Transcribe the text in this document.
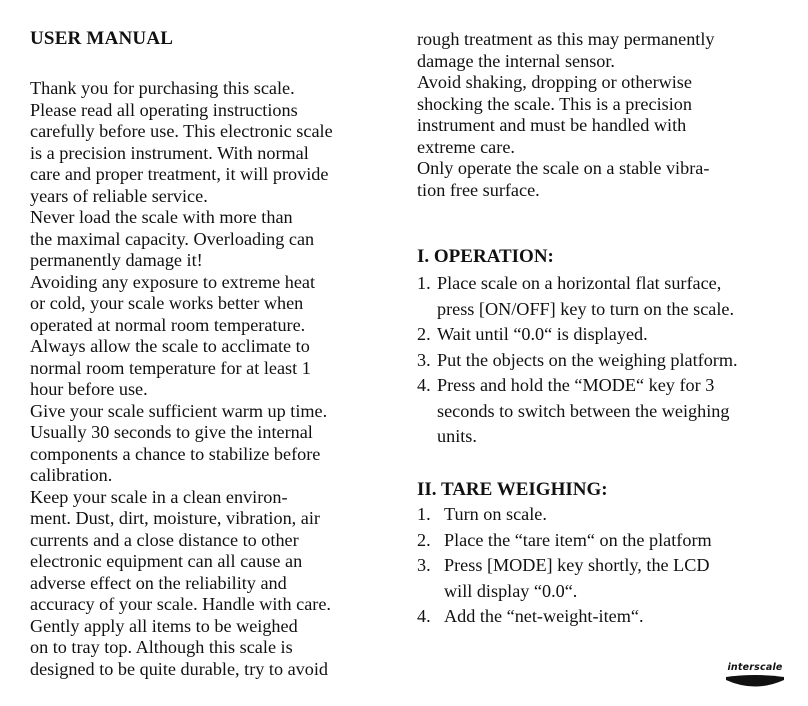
USER MANUAL

Thank you for purchasing this scale.
Please read all operating instructions
carefully before use. This electronic scale
is a precision instrument. With normal
care and proper treatment, it will provide
years of reliable service.

Never load the scale with more than
the maximal capacity. Overloading can
permanently damage it!

Avoiding any exposure to extreme heat
or cold, your scale works better when
operated at normal room temperature.

Always allow the scale to acclimate to
normal room temperature for at least 1
hour before use.

Give your scale sufficient warm up time.
Usually 30 seconds to give the internal
components a chance to stabilize before
calibration.

Keep your scale in a clean environ-
ment. Dust, dirt, moisture, vibration, air
currents and a close distance to other
electronic equipment can all cause an
adverse effect on the reliability and
accuracy of your scale. Handle with care.

Gently apply all items to be weighed
on to tray top. Although this scale is
designed to be quite durable, try to avoid

rough treatment as this may permanently
damage the internal sensor.

Avoid shaking, dropping or otherwise
shocking the scale. This is a precision
instrument and must be handled with
extreme care.

Only operate the scale on a stable vibra-
tion free surface.

I. OPERATION:
1. Place scale on a horizontal flat surface,
press [ON/OFF] key to turn on the scale.
2. Wait until “0.0“ is displayed.
3. Put the objects on the weighing platform.
4. Press and hold the “MODE“ key for 3
seconds to switch between the weighing
units.
II. TARE WEIGHING:
1. Turn on scale.
2. Place the “tare item“ on the platform
3. Press [MODE] key shortly, the LCD
will display “0.0“.
4. Add the “net-weight-item“.
interscale
